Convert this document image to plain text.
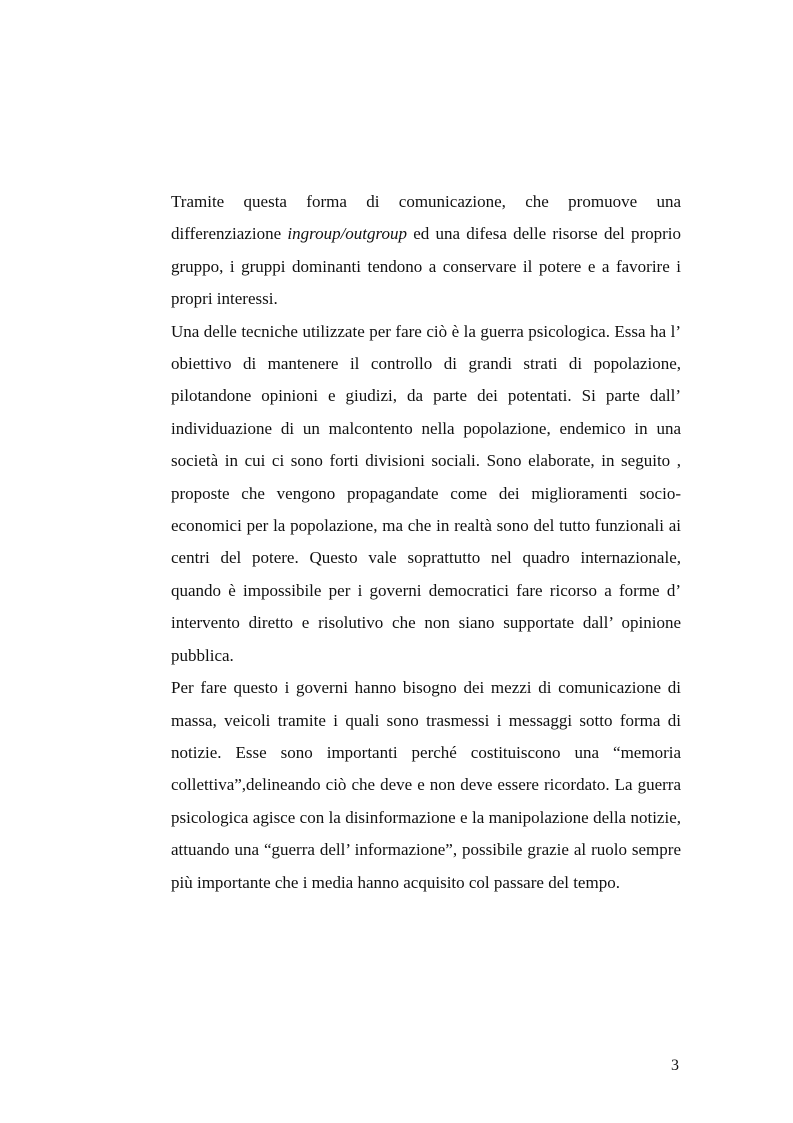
Tramite questa forma di comunicazione, che promuove una differenziazione ingroup/outgroup ed una difesa delle risorse del proprio gruppo, i gruppi dominanti tendono a conservare il potere e a favorire i propri interessi.

Una delle tecniche utilizzate per fare ciò è la guerra psicologica. Essa ha l’ obiettivo di mantenere il controllo di grandi strati di popolazione, pilotandone opinioni e giudizi, da parte dei potentati. Si parte dall’ individuazione di un malcontento nella popolazione, endemico in una società in cui ci sono forti divisioni sociali. Sono elaborate, in seguito , proposte che vengono propagandate come dei miglioramenti socio-economici per la popolazione, ma che in realtà sono del tutto funzionali ai centri del potere. Questo vale soprattutto nel quadro internazionale, quando è impossibile per i governi democratici fare ricorso a forme d’ intervento diretto e risolutivo che non siano supportate dall’ opinione pubblica.

Per fare questo i governi hanno bisogno dei mezzi di comunicazione di massa, veicoli tramite i quali sono trasmessi i messaggi sotto forma di notizie. Esse sono importanti perché costituiscono una “memoria collettiva”,delineando ciò che deve e non deve essere ricordato. La guerra psicologica agisce con la disinformazione e la manipolazione della notizie, attuando una “guerra dell’ informazione”, possibile grazie al ruolo sempre più importante che i media hanno acquisito col passare del tempo.

3
